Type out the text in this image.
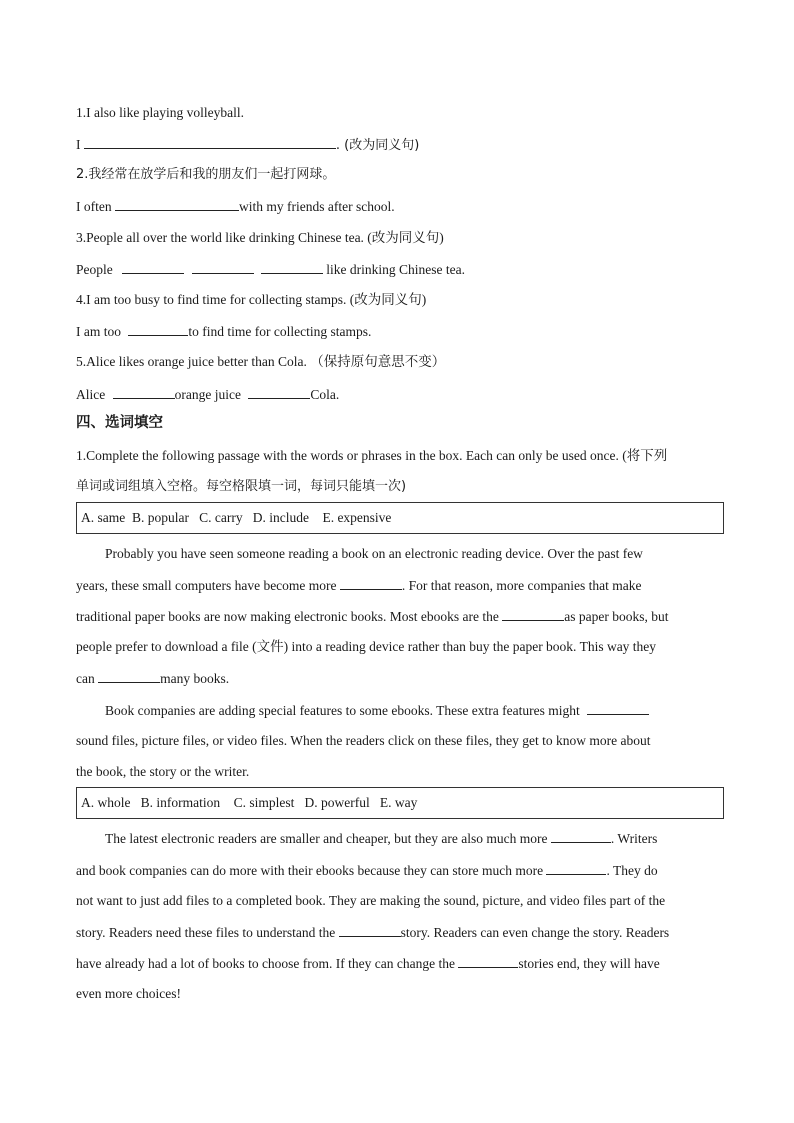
1.I also like playing volleyball.
I	. (改为同义句)
2.我经常在放学后和我的朋友们一起打网球。
I often	with my friends after school.
3.People all over the world like drinking Chinese tea. (改为同义句)
People	like drinking Chinese tea.
4.I am too busy to find time for collecting stamps. (改为同义句)
I am too	to find time for collecting stamps.
5.Alice likes orange juice better than Cola. （保持原句意思不变）
Alice	orange juice	Cola.
四、选词填空
1.Complete the following passage with the words or phrases in the box. Each can only be used once. (将下列
单词或词组填入空格。每空格限填一词，每词只能填一次)
A. same  B. popular   C. carry   D. include    E. expensive
Probably you have seen someone reading a book on an electronic reading device. Over the past few
years, these small computers have become more	. For that reason, more companies that make
traditional paper books are now making electronic books. Most ebooks are the	as paper books, but
people prefer to download a file (文件) into a reading device rather than buy the paper book. This way they
can	many books.
Book companies are adding special features to some ebooks. These extra features might
sound files, picture files, or video files. When the readers click on these files, they get to know more about
the book, the story or the writer.
A. whole   B. information    C. simplest   D. powerful   E. way
The latest electronic readers are smaller and cheaper, but they are also much more	. Writers
and book companies can do more with their ebooks because they can store much more	. They do
not want to just add files to a completed book. They are making the sound, picture, and video files part of the
story. Readers need these files to understand the	story. Readers can even change the story. Readers
have already had a lot of books to choose from. If they can change the	stories end, they will have
even more choices!
